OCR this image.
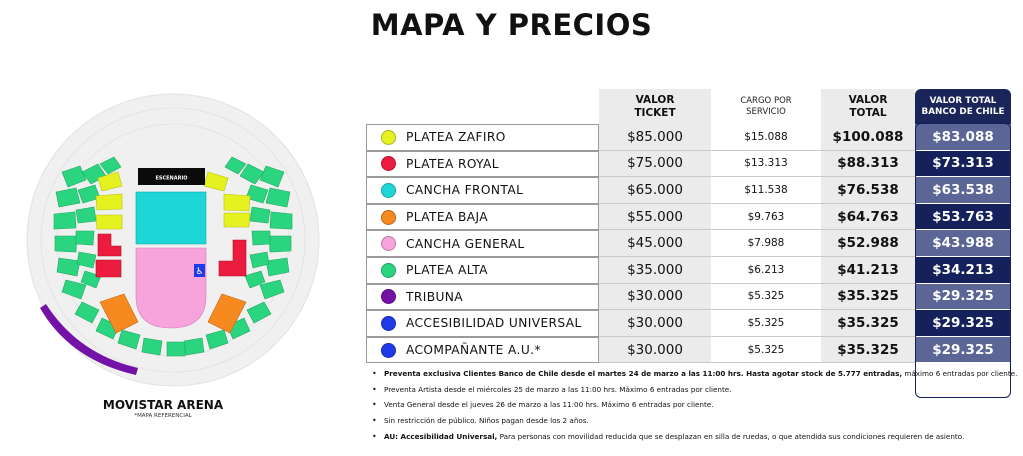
MAPA Y PRECIOS
ESCENARIO
♿
MOVISTAR ARENA
*MAPA REFERENCIAL
VALOR
TICKET
CARGO POR
SERVICIO
VALOR
TOTAL
VALOR TOTAL
BANCO DE CHILE
PLATEA ZAFIRO	$85.000	$15.088	$100.088	$83.088
PLATEA ROYAL	$75.000	$13.313	$88.313	$73.313
CANCHA FRONTAL	$65.000	$11.538	$76.538	$63.538
PLATEA BAJA	$55.000	$9.763	$64.763	$53.763
CANCHA GENERAL	$45.000	$7.988	$52.988	$43.988
PLATEA ALTA	$35.000	$6.213	$41.213	$34.213
TRIBUNA	$30.000	$5.325	$35.325	$29.325
ACCESIBILIDAD UNIVERSAL	$30.000	$5.325	$35.325	$29.325
ACOMPAÑANTE A.U.*	$30.000	$5.325	$35.325	$29.325
• Preventa exclusiva Clientes Banco de Chile desde el martes 24 de marzo a las 11:00 hrs. Hasta agotar stock de 5.777 entradas, máximo 6 entradas por cliente.
• Preventa Artista desde el miércoles 25 de marzo a las 11:00 hrs. Máximo 6 entradas por cliente.
• Venta General desde el jueves 26 de marzo a las 11:00 hrs. Máximo 6 entradas por cliente.
• Sin restricción de público. Niños pagan desde los 2 años.
• AU: Accesibilidad Universal, Para personas con movilidad reducida que se desplazan en silla de ruedas, o que atendida sus condiciones requieren de asiento.
